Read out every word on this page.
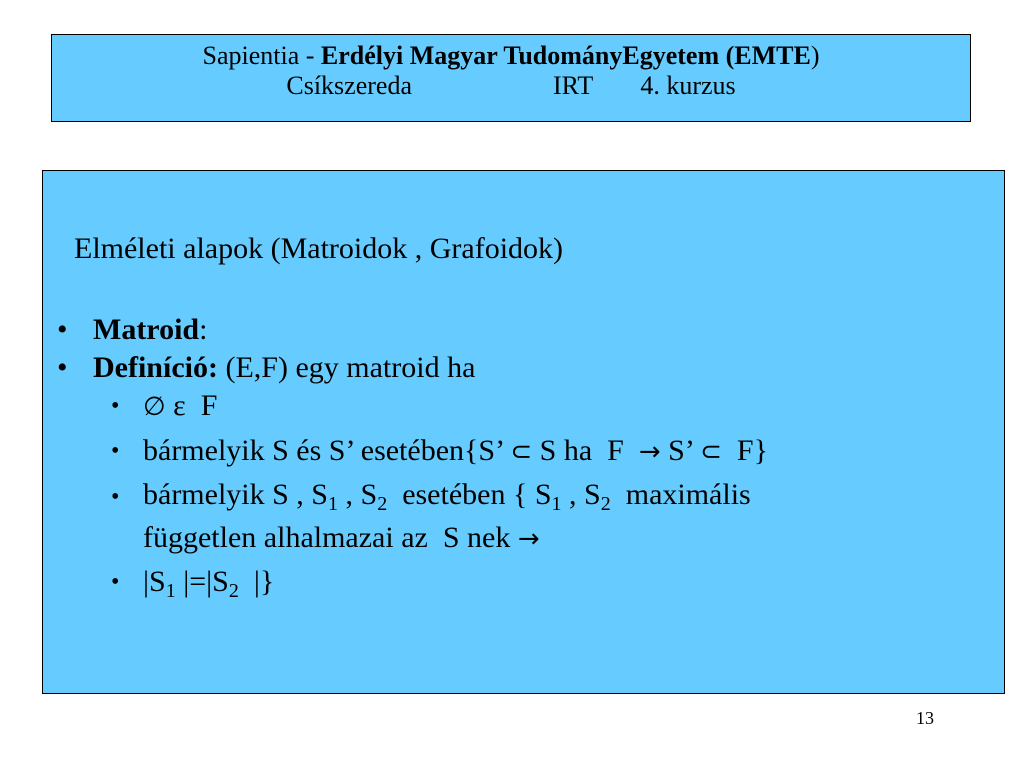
Sapientia - Erdélyi Magyar TudományEgyetem (EMTE)
Csíkszereda	IRT 4. kurzus
Elméleti alapok (Matroidok , Grafoidok)
• Matroid:
• Definíció: (E,F) egy matroid ha
• ∅ ε  F
• bármelyik S és S’ esetében{S’ ⊂ S ha  F  → S’ ⊂  F}
• bármelyik S , $S_1$ , $S_2$  esetében { $S_1$ , $S_2$  maximális
független alhalmazai az  S nek →
• $|S_1$ $|=|S_2$  |}
13
